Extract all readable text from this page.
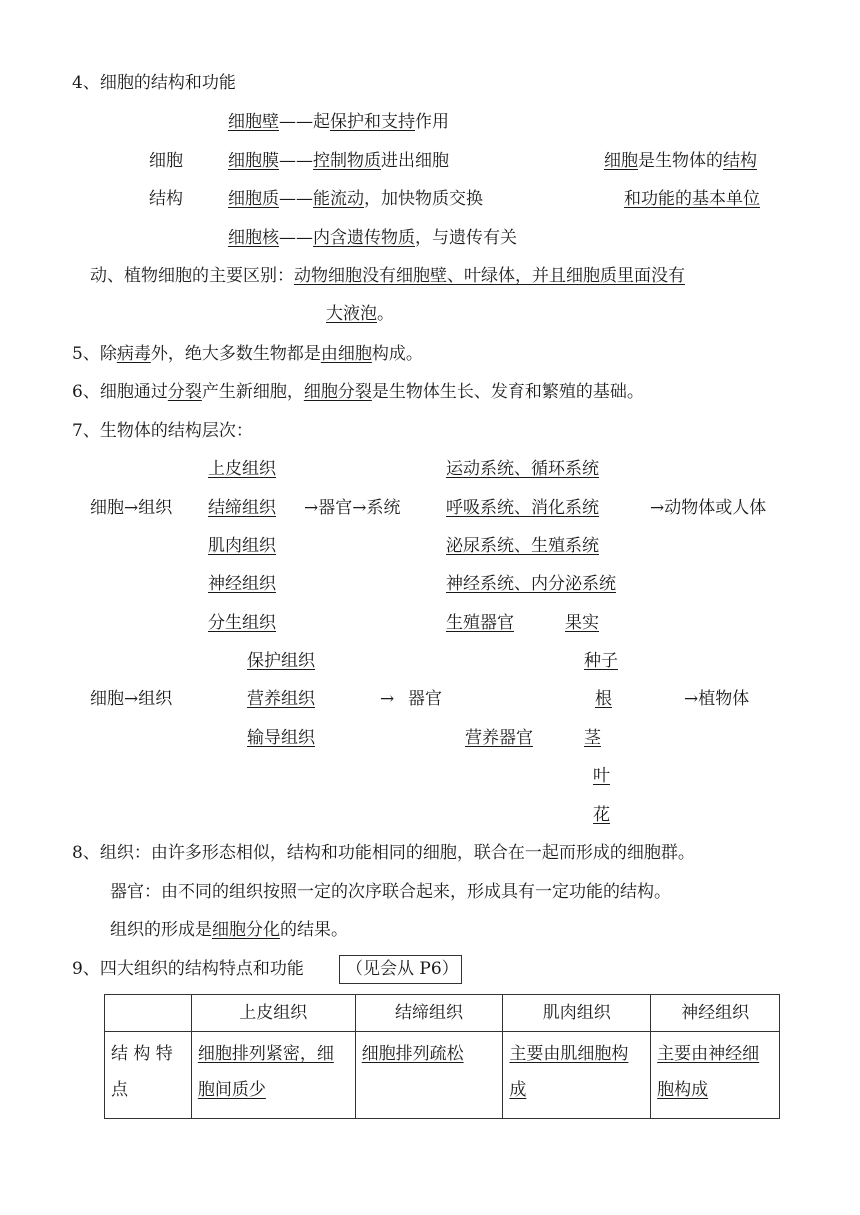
4、细胞的结构和功能
细胞壁——起保护和支持作用
细胞
结构
细胞膜——控制物质进出细胞	细胞是生物体的结构
细胞质——能流动，加快物质交换	和功能的基本单位
细胞核——内含遗传物质，与遗传有关
动、植物细胞的主要区别：动物细胞没有细胞壁、叶绿体，并且细胞质里面没有
大液泡。
5、除病毒外，绝大多数生物都是由细胞构成。
6、细胞通过分裂产生新细胞，细胞分裂是生物体生长、发育和繁殖的基础。
7、生物体的结构层次：
上皮组织	运动系统、循环系统
细胞→组织 结缔组织 →器官→系统	呼吸系统、消化系统	→动物体或人体
肌肉组织	泌尿系统、生殖系统
神经组织	神经系统、内分泌系统
分生组织	生殖器官	果实
保护组织	种子
细胞→组织	营养组织	→ 器官	根	→植物体
输导组织	营养器官	茎
叶
花
8、组织：由许多形态相似，结构和功能相同的细胞，联合在一起而形成的细胞群。
器官：由不同的组织按照一定的次序联合起来，形成具有一定功能的结构。
组织的形成是细胞分化的结果。
9、四大组织的结构特点和功能 （见会从 P6）
	上皮组织	结缔组织	肌肉组织	神经组织
结 构 特 点	细胞排列紧密，细胞间质少	细胞排列疏松	主要由肌细胞构成	主要由神经细胞构成
